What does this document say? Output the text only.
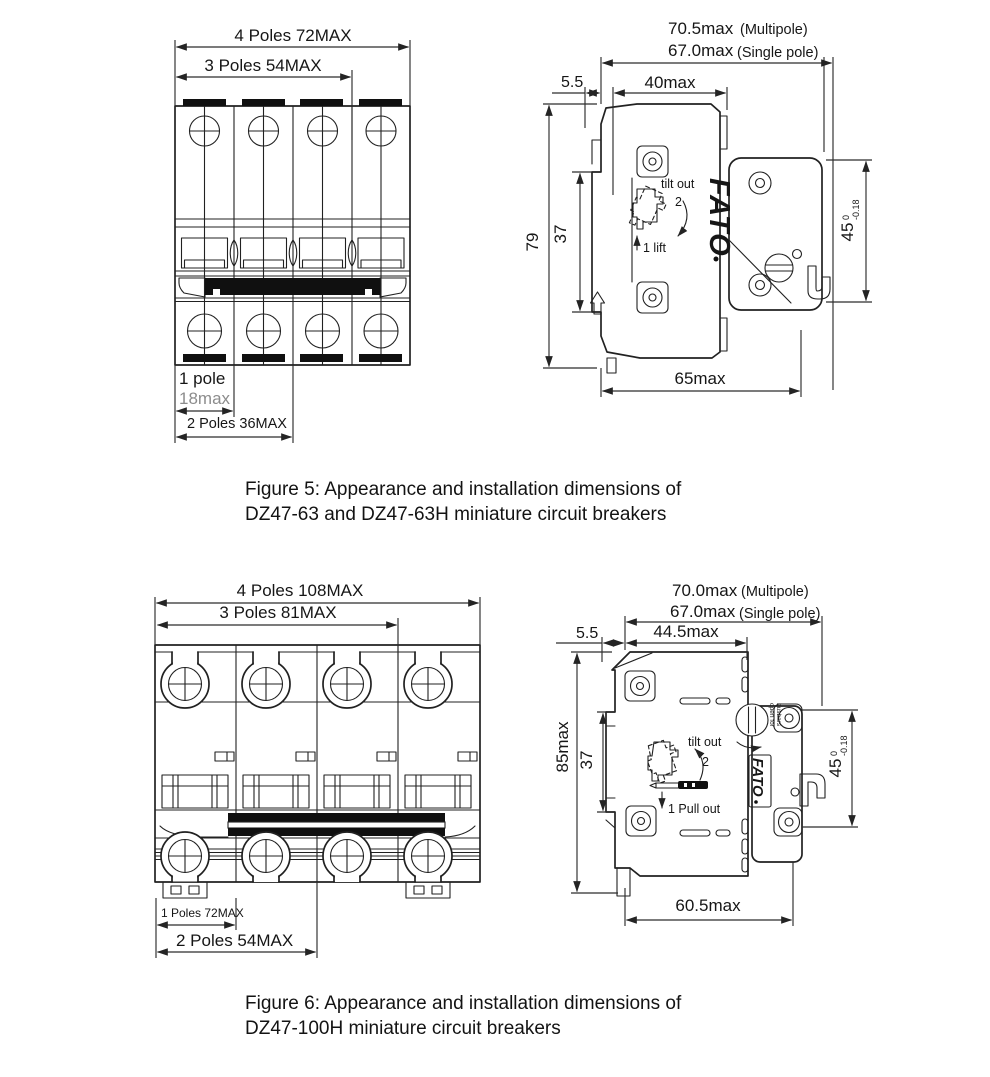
4 Poles 72MAX
3 Poles 54MAX
1 pole
18max
2 Poles 36MAX
FATO
tilt out
2
1 lift
70.5max (Multipole)
67.0max (Single pole)
5.5	40max
79 37
65max
45
0 -0.18
4 Poles 108MAX
3 Poles 81MAX
1 Poles 72MAX
2 Poles 54MAX
open for busbars
FATO
tilt out
2
1 Pull out
70.0max (Multipole)
67.0max (Single pole)
5.5	44.5max
85max 37
60.5max
45
0 -0.18
Figure 5: Appearance and installation dimensions of
DZ47-63 and DZ47-63H miniature circuit breakers
Figure 6: Appearance and installation dimensions of
DZ47-100H miniature circuit breakers
